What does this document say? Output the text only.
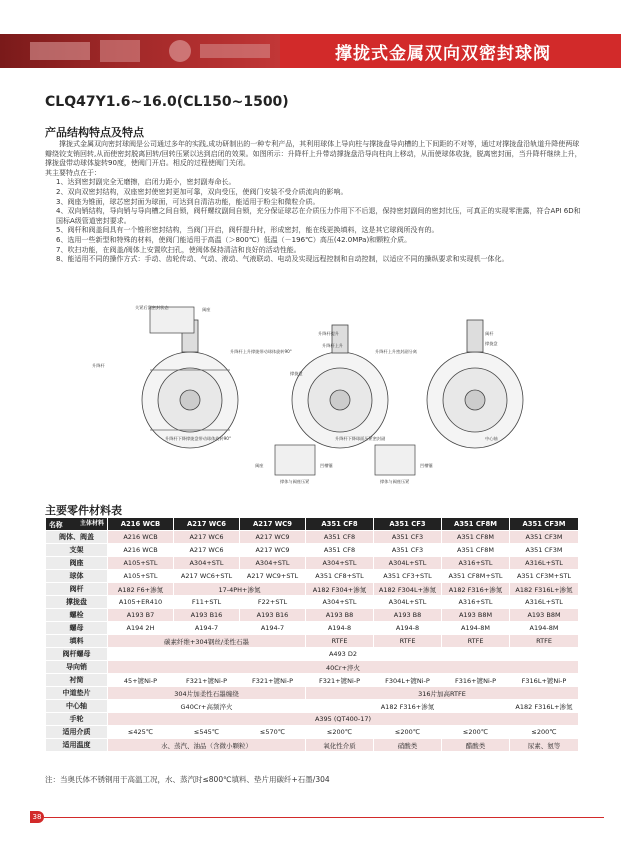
撑拢式金属双向双密封球阀
CLQ47Y1.6~16.0(CL150~1500)
产品结构特点及特点

撑拢式金属双向密封球阀是公司通过多年的实践,成功研制出的一种专利产品，其利用球体上导向柱与撑拢盘导向槽的上下间距的不对等，通过对撑拢盘沿轨道升降使两球瓣绕铰支销回转,从而使密封脱离回转/回转压紧以达到启闭的效果。如图所示：升降杆上升带动撑拢盘沿导向柱向上移动，从而使球体收拢，脱离密封面，当升降杆继续上升，撑拢盘带动球体旋转90度，使阀门开启。相反的过程使阀门关闭。

其主要特点在于：

1、达到密封副完全无磨擦，启闭力距小，密封副寿命长。

2、双向双密封结构，双座密封使密封更加可靠，双向受压，使阀门安装不受介质流向的影响。

3、阀座为锥面，球芯密封面为球面，可达到自清洁功能，能适用于粉尘和微粒介质。

4、双向销结构，导向销与导向槽之间自锁，阀杆螺纹副间自锁，充分保证球芯在介质压力作用下不后退，保持密封副间的密封比压，可真正的实现零泄露，符合API 6D和国标A级管道密封要求。

5、阀杆和阀盖间具有一个锥形密封结构，当阀门开启，阀杆提升时，形成密封，能在线更换填料，这是其它球阀所没有的。

6、选用一些新型和特殊的材料，使阀门能适用于高温（＞800℃）低温（－196℃）高压(42.0MPa)和颗粒介质。

7、吹扫功能，在阀盖/阀体上安置吹扫孔，使阀体保持清洁和良好的活动性能。

8、能适用不同的操作方式：手动、齿轮传动、气动、液动、气液联动、电动及实现远程控制和自动控制，以适应不同的操纵要求和实现机一体化。

关紧后窝密封状态	阀座
升降杆
升降杆上升撑拢带动球体旋转90°
升降杆提升
升降杆上升
升降杆上升密封副分离
阀杆
撑拢盘
撑拢盘
升降杆下降撑拢盘带动球体旋转90°	升降杆下降球面压紧密封副	中心轴
阀座	凹槽镶	凹槽镶
撑体与阀座压紧	撑体与阀座压紧
主要零件材料表
主体材料
名称	A216 WCB	A217 WC6	A217 WC9	A351 CF8	A351 CF3	A351 CF8M	A351 CF3M
阀体、阀盖	A216 WCB	A217 WC6	A217 WC9	A351 CF8	A351 CF3	A351 CF8M	A351 CF3M
支架	A216 WCB	A217 WC6	A217 WC9	A351 CF8	A351 CF3	A351 CF8M	A351 CF3M
阀座	A105+STL	A304+STL	A304+STL	A304+STL	A304L+STL	A316+STL	A316L+STL
球体	A105+STL	A217 WC6+STL	A217 WC9+STL	A351 CF8+STL	A351 CF3+STL	A351 CF8M+STL	A351 CF3M+STL
阀杆	A182 F6+渗氮	17-4PH+渗氮		A182 F304+渗氮	A182 F304L+渗氮	A182 F316+渗氮	A182 F316L+渗氮
撑拢盘	A105+ER410	F11+STL	F22+STL	A304+STL	A304L+STL	A316+STL	A316L+STL
螺栓	A193 B7	A193 B16	A193 B16	A193 B8	A193 B8	A193 B8M	A193 B8M
螺母	A194 2H	A194-7	A194-7	A194-8	A194-8	A194-8M	A194-8M
填料	碳素纤维+304钢丝/柔性石墨			RTFE	RTFE	RTFE	RTFE
阀杆螺母	A493 D2						
导向销	40Cr+淬火						
衬简	45+镀Ni-P	F321+镀Ni-P	F321+镀Ni-P	F321+镀Ni-P	F304L+镀Ni-P	F316+镀Ni-P	F316L+镀Ni-P
中道垫片	304片加柔性石墨缠绕			316片加高RTFE			
中心轴	G40Cr+高频淬火			A182 F316+渗氮			A182 F316L+渗氮
手轮	A395 (QT400-17)						
适用介质	≤425℃	≤545℃	≤570℃	≤200℃	≤200℃	≤200℃	≤200℃
适用温度	水、蒸汽、油品（含微小颗粒）			氧化性介质	硝酸类	醋酸类	尿素、氨等
注：当奥氏体不锈钢用于高温工况，水、蒸汽时≤800℃填料、垫片用碳纤+石墨/304
38
